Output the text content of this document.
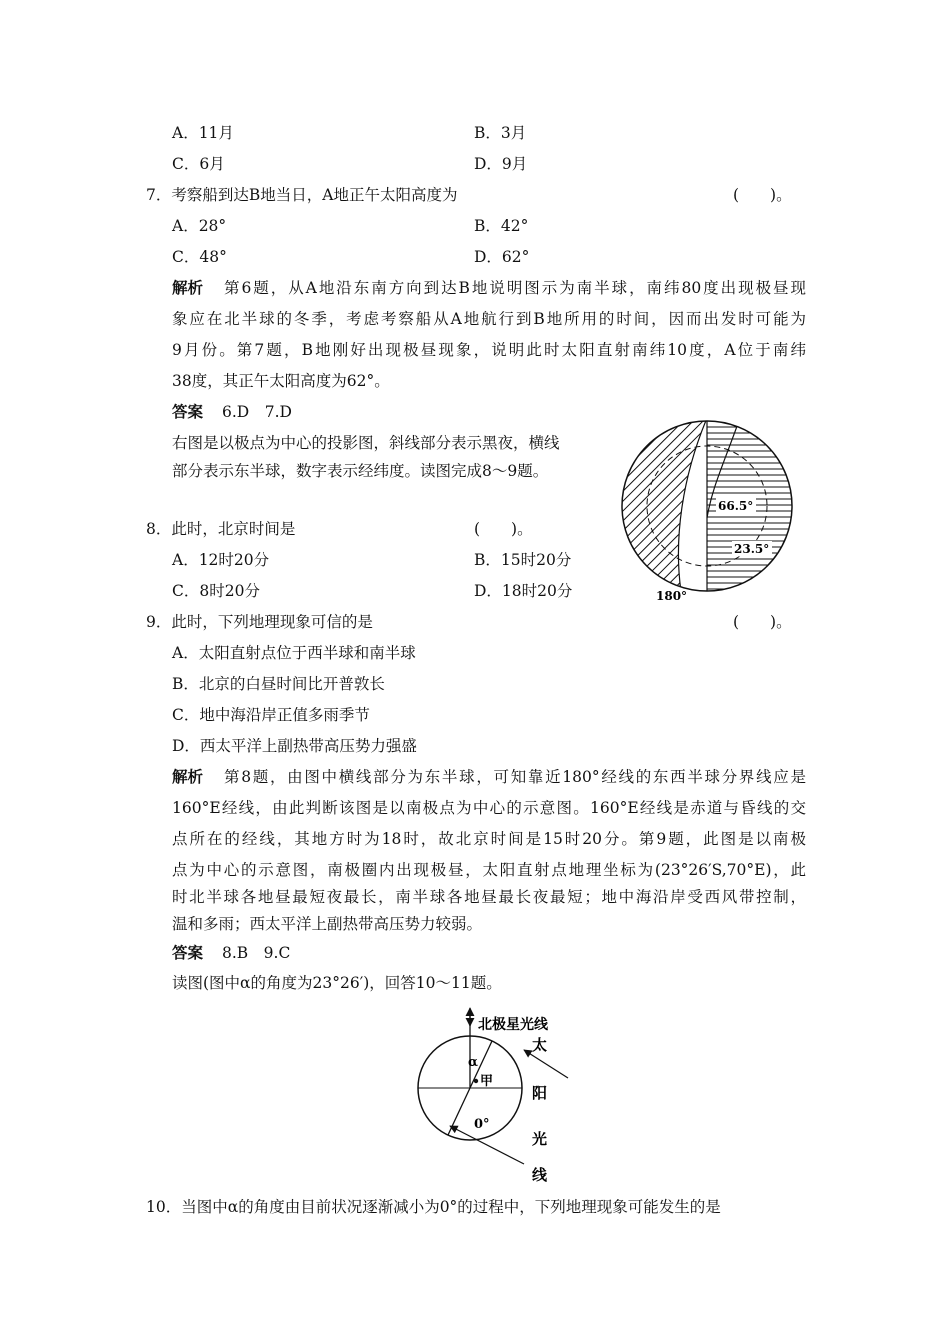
A．11月	B．3月
C．6月	D．9月
7．考察船到达B地当日，A地正午太阳高度为	(　　)。
A．28°	B．42°
C．48°	D．62°
解析 第6题，从A地沿东南方向到达B地说明图示为南半球，南纬80度出现极昼现
象应在北半球的冬季，考虑考察船从A地航行到B地所用的时间，因而出发时可能为
9月份。第7题，B地刚好出现极昼现象，说明此时太阳直射南纬10度，A位于南纬
38度，其正午太阳高度为62°。
答案 6.D　7.D
右图是以极点为中心的投影图，斜线部分表示黑夜，横线
部分表示东半球，数字表示经纬度。读图完成8～9题。
66.5°
23.5°
180°
8．此时，北京时间是	(　　)。
A．12时20分	B．15时20分
C．8时20分	D．18时20分
9．此时，下列地理现象可信的是	(　　)。
A．太阳直射点位于西半球和南半球
B．北京的白昼时间比开普敦长
C．地中海沿岸正值多雨季节
D．西太平洋上副热带高压势力强盛
解析 第8题，由图中横线部分为东半球，可知靠近180°经线的东西半球分界线应是
160°E经线，由此判断该图是以南极点为中心的示意图。160°E经线是赤道与昏线的交
点所在的经线，其地方时为18时，故北京时间是15时20分。第9题，此图是以南极
点为中心的示意图，南极圈内出现极昼，太阳直射点地理坐标为(23°26′S,70°E)，此
时北半球各地昼最短夜最长，南半球各地昼最长夜最短；地中海沿岸受西风带控制，
温和多雨；西太平洋上副热带高压势力较弱。
答案 8.B　9.C
读图(图中α的角度为23°26′)，回答10～11题。
北极星光线
α
甲
0°
太
阳
光
线
10．当图中α的角度由目前状况逐渐减小为0°的过程中，下列地理现象可能发生的是
